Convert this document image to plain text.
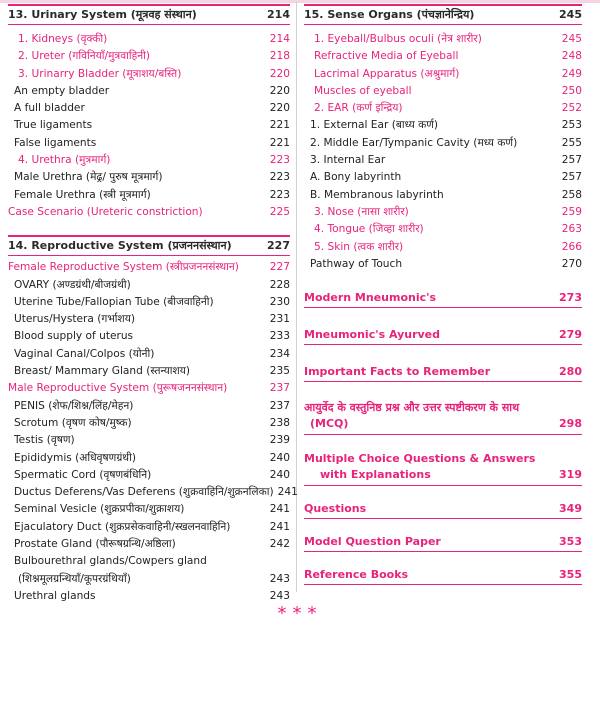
13. Urinary System (मूत्रवह संस्थान)	214
1. Kidneys (वृक्की)	214
2. Ureter (गविनियाँ/मुत्रवाहिनी)	218
3. Urinarry Bladder (मूत्राशय/बस्ति)	220
An empty bladder	220
A full bladder	220
True ligaments	221
False ligaments	221
4. Urethra (मुत्रमार्ग)	223
Male Urethra (मेढ्र/ पुरुष मूत्रमार्ग)	223
Female Urethra (स्त्री मूत्रमार्ग)	223
Case Scenario (Ureteric constriction)	225
14. Reproductive System (प्रजननसंस्थान)	227
Female Reproductive System (स्त्रीप्रजननसंस्थान)	227
OVARY (अण्डग्रंथी/बीजग्रंथी)	228
Uterine Tube/Fallopian Tube (बीजवाहिनी)	230
Uterus/Hystera (गर्भाशय)	231
Blood supply of uterus	233
Vaginal Canal/Colpos (योनी)	234
Breast/ Mammary Gland (स्तन्याशय)	235
Male Reproductive System (पुरूषजननसंस्थान)	237
PENIS (शेफ/शिश्न/लिंह/मेहन)	237
Scrotum (वृषण कोष/मुष्क)	238
Testis (वृषण)	239
Epididymis (अधिवृषणग्रंथी)	240
Spermatic Cord (वृषणबंधिनि)	240
Ductus Deferens/Vas Deferens (शुक्रवाहिनि/शुक्रनलिका) 241
Seminal Vesicle (शुक्रप्रपीका/शुक्राशय)	241
Ejaculatory Duct (शुक्रप्रसेकवाहिनी/स्खलनवाहिनि)	241
Prostate Gland (पौरूषग्रन्थि/अष्ठिला)	242
Bulbourethral glands/Cowpers gland
(शिश्नमूलग्रन्थियाँ/कूपरग्रंथियाँ)	243
Urethral glands	243
15. Sense Organs (पंचज्ञानेन्द्रिय)	245
1. Eyeball/Bulbus oculi (नेत्र शारीर)	245
Refractive Media of Eyeball	248
Lacrimal Apparatus (अश्रुमार्ग)	249
Muscles of eyeball	250
2. EAR (कर्ण इन्द्रिय)	252
1. External Ear (बाध्य कर्ण)	253
2. Middle Ear/Tympanic Cavity (मध्य कर्ण)	255
3. Internal Ear	257
A. Bony labyrinth	257
B. Membranous labyrinth	258
3. Nose (नासा शारीर)	259
4. Tongue (जिव्हा शारीर)	263
5. Skin (त्वक शारीर)	266
Pathway of Touch	270
Modern Mneumonic's	273
Mneumonic's Ayurved	279
Important Facts to Remember	280
आयुर्वेद के वस्तुनिष्ठ प्रश्न और उत्तर स्पष्टीकरण के साथ
(MCQ)	298
Multiple Choice Questions & Answers
with Explanations	319
Questions	349
Model Question Paper	353
Reference Books	355
***
